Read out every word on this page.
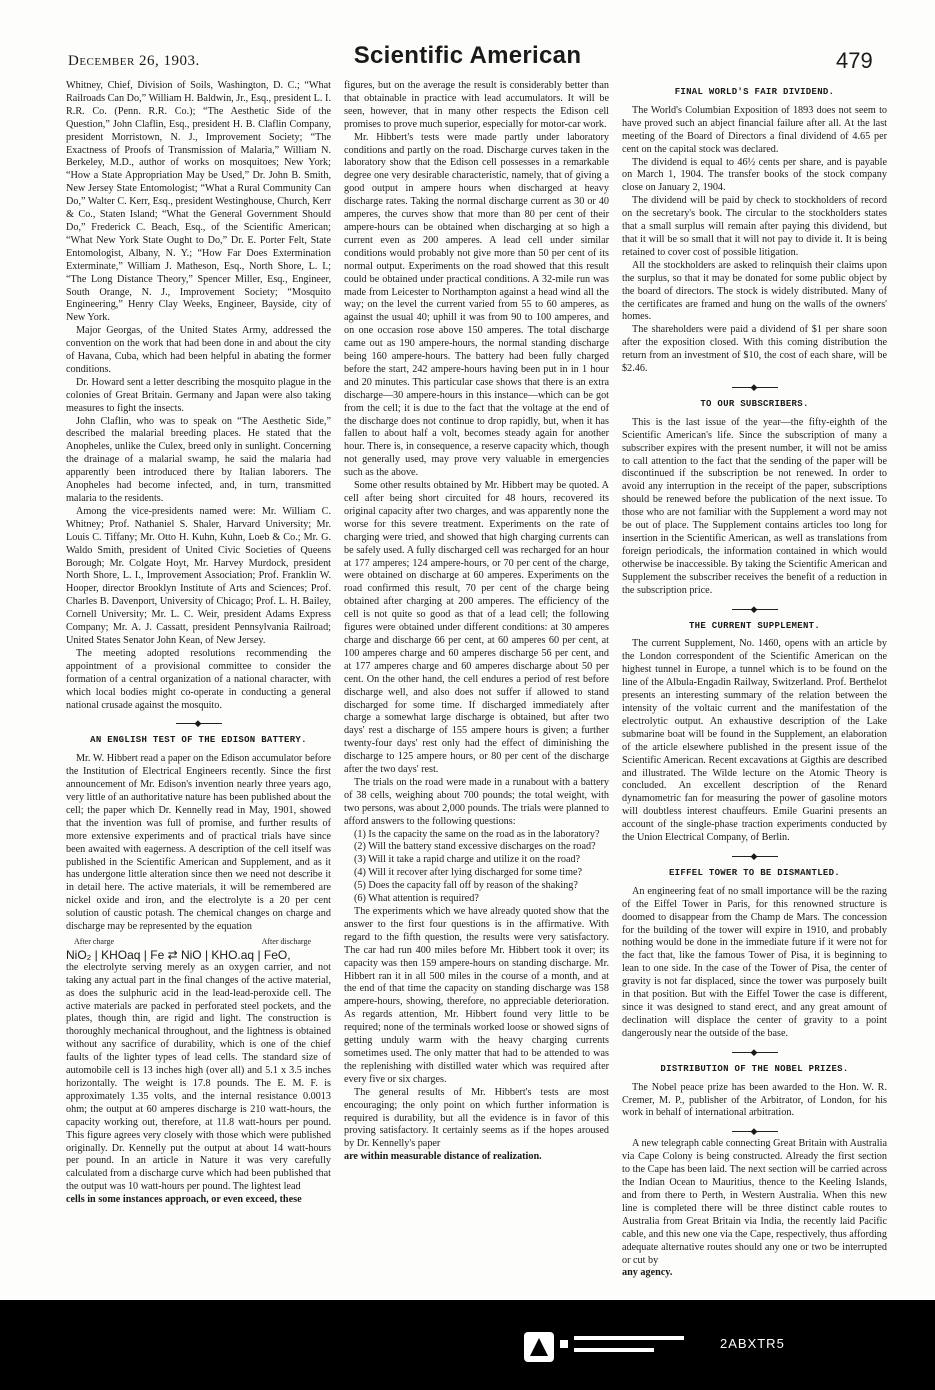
December 26, 1903.	Scientific American	479

Whitney, Chief, Division of Soils, Washington, D. C.; “What Railroads Can Do,” William H. Baldwin, Jr., Esq., president L. I. R.R. Co. (Penn. R.R. Co.); “The Aesthetic Side of the Question,” John Claflin, Esq., president H. B. Claflin Company, president Morristown, N. J., Improvement Society; “The Exactness of Proofs of Transmission of Malaria,” William N. Berkeley, M.D., author of works on mosquitoes; New York; “How a State Appropriation May be Used,” Dr. John B. Smith, New Jersey State Entomologist; “What a Rural Community Can Do,” Walter C. Kerr, Esq., president Westinghouse, Church, Kerr & Co., Staten Island; “What the General Government Should Do,” Frederick C. Beach, Esq., of the Scientific American; “What New York State Ought to Do,” Dr. E. Porter Felt, State Entomologist, Albany, N. Y.; “How Far Does Extermination Exterminate,” William J. Matheson, Esq., North Shore, L. I.; “The Long Distance Theory,” Spencer Miller, Esq., Engineer, South Orange, N. J., Improvement Society; “Mosquito Engineering,” Henry Clay Weeks, Engineer, Bayside, city of New York.

Major Georgas, of the United States Army, addressed the convention on the work that had been done in and about the city of Havana, Cuba, which had been helpful in abating the former conditions.

Dr. Howard sent a letter describing the mosquito plague in the colonies of Great Britain. Germany and Japan were also taking measures to fight the insects.

John Claflin, who was to speak on “The Aesthetic Side,” described the malarial breeding places. He stated that the Anopheles, unlike the Culex, breed only in sunlight. Concerning the drainage of a malarial swamp, he said the malaria had apparently been introduced there by Italian laborers. The Anopheles had become infected, and, in turn, transmitted malaria to the residents.

Among the vice-presidents named were: Mr. William C. Whitney; Prof. Nathaniel S. Shaler, Harvard University; Mr. Louis C. Tiffany; Mr. Otto H. Kuhn, Kuhn, Loeb & Co.; Mr. G. Waldo Smith, president of United Civic Societies of Queens Borough; Mr. Colgate Hoyt, Mr. Harvey Murdock, president North Shore, L. I., Improvement Association; Prof. Franklin W. Hooper, director Brooklyn Institute of Arts and Sciences; Prof. Charles B. Davenport, University of Chicago; Prof. L. H. Bailey, Cornell University; Mr. L. C. Weir, president Adams Express Company; Mr. A. J. Cassatt, president Pennsylvania Railroad; United States Senator John Kean, of New Jersey.

The meeting adopted resolutions recommending the appointment of a provisional committee to consider the formation of a central organization of a national character, with which local bodies might co-operate in conducting a general national crusade against the mosquito.

◆
AN ENGLISH TEST OF THE EDISON BATTERY.

Mr. W. Hibbert read a paper on the Edison accumulator before the Institution of Electrical Engineers recently. Since the first announcement of Mr. Edison's invention nearly three years ago, very little of an authoritative nature has been published about the cell; the paper which Dr. Kennelly read in May, 1901, showed that the invention was full of promise, and further results of more extensive experiments and of practical trials have since been awaited with eagerness. A description of the cell itself was published in the Scientific American and Supplement, and as it has undergone little alteration since then we need not describe it in detail here. The active materials, it will be remembered are nickel oxide and iron, and the electrolyte is a 20 per cent solution of caustic potash. The chemical changes on charge and discharge may be represented by the equation

After charge	After discharge

NiO₂ | KHOaq | Fe ⇄ NiO | KHO.aq | FeO,

the electrolyte serving merely as an oxygen carrier, and not taking any actual part in the final changes of the active material, as does the sulphuric acid in the lead-lead-peroxide cell. The active materials are packed in perforated steel pockets, and the plates, though thin, are rigid and light. The construction is thoroughly mechanical throughout, and the lightness is obtained without any sacrifice of durability, which is one of the chief faults of the lighter types of lead cells. The standard size of automobile cell is 13 inches high (over all) and 5.1 x 3.5 inches horizontally. The weight is 17.8 pounds. The E. M. F. is approximately 1.35 volts, and the internal resistance 0.0013 ohm; the output at 60 amperes discharge is 210 watt-hours, the capacity working out, therefore, at 11.8 watt-hours per pound. This figure agrees very closely with those which were published originally. Dr. Kennelly put the output at about 14 watt-hours per pound. In an article in Nature it was very carefully calculated from a discharge curve which had been published that the output was 10 watt-hours per pound. The lightest lead

cells in some instances approach, or even exceed, these

figures, but on the average the result is considerably better than that obtainable in practice with lead accumulators. It will be seen, however, that in many other respects the Edison cell promises to prove much superior, especially for motor-car work.

Mr. Hibbert's tests were made partly under laboratory conditions and partly on the road. Discharge curves taken in the laboratory show that the Edison cell possesses in a remarkable degree one very desirable characteristic, namely, that of giving a good output in ampere hours when discharged at heavy discharge rates. Taking the normal discharge current as 30 or 40 amperes, the curves show that more than 80 per cent of their ampere-hours can be obtained when discharging at so high a current even as 200 amperes. A lead cell under similar conditions would probably not give more than 50 per cent of its normal output. Experiments on the road showed that this result could be obtained under practical conditions. A 32-mile run was made from Leicester to Northampton against a head wind all the way; on the level the current varied from 55 to 60 amperes, as against the usual 40; uphill it was from 90 to 100 amperes, and on one occasion rose above 150 amperes. The total discharge came out as 190 ampere-hours, the normal standing discharge being 160 ampere-hours. The battery had been fully charged before the start, 242 ampere-hours having been put in in 1 hour and 20 minutes. This particular case shows that there is an extra discharge—30 ampere-hours in this instance—which can be got from the cell; it is due to the fact that the voltage at the end of the discharge does not continue to drop rapidly, but, when it has fallen to about half a volt, becomes steady again for another hour. There is, in consequence, a reserve capacity which, though not generally used, may prove very valuable in emergencies such as the above.

Some other results obtained by Mr. Hibbert may be quoted. A cell after being short circuited for 48 hours, recovered its original capacity after two charges, and was apparently none the worse for this severe treatment. Experiments on the rate of charging were tried, and showed that high charging currents can be safely used. A fully discharged cell was recharged for an hour at 177 amperes; 124 ampere-hours, or 70 per cent of the charge, were obtained on discharge at 60 amperes. Experiments on the road confirmed this result, 70 per cent of the charge being obtained after charging at 200 amperes. The efficiency of the cell is not quite so good as that of a lead cell; the following figures were obtained under different conditions: at 30 amperes charge and discharge 66 per cent, at 60 amperes 60 per cent, at 100 amperes charge and 60 amperes discharge 56 per cent, and at 177 amperes charge and 60 amperes discharge about 50 per cent. On the other hand, the cell endures a period of rest before discharge well, and also does not suffer if allowed to stand discharged for some time. If discharged immediately after charge a somewhat large discharge is obtained, but after two days' rest a discharge of 155 ampere hours is given; a further twenty-four days' rest only had the effect of diminishing the discharge to 125 ampere hours, or 80 per cent of the discharge after the two days' rest.

The trials on the road were made in a runabout with a battery of 38 cells, weighing about 700 pounds; the total weight, with two persons, was about 2,000 pounds. The trials were planned to afford answers to the following questions:

(1) Is the capacity the same on the road as in the laboratory?

(2) Will the battery stand excessive discharges on the road?

(3) Will it take a rapid charge and utilize it on the road?

(4) Will it recover after lying discharged for some time?

(5) Does the capacity fall off by reason of the shaking?

(6) What attention is required?

The experiments which we have already quoted show that the answer to the first four questions is in the affirmative. With regard to the fifth question, the results were very satisfactory. The car had run 400 miles before Mr. Hibbert took it over; its capacity was then 159 ampere-hours on standing discharge. Mr. Hibbert ran it in all 500 miles in the course of a month, and at the end of that time the capacity on standing discharge was 158 ampere-hours, showing, therefore, no appreciable deterioration. As regards attention, Mr. Hibbert found very little to be required; none of the terminals worked loose or showed signs of getting unduly warm with the heavy charging currents sometimes used. The only matter that had to be attended to was the replenishing with distilled water which was required after every five or six charges.

The general results of Mr. Hibbert's tests are most encouraging; the only point on which further information is required is durability, but all the evidence is in favor of this proving satisfactory. It certainly seems as if the hopes aroused by Dr. Kennelly's paper

are within measurable distance of realization.

FINAL WORLD'S FAIR DIVIDEND.

The World's Columbian Exposition of 1893 does not seem to have proved such an abject financial failure after all. At the last meeting of the Board of Directors a final dividend of 4.65 per cent on the capital stock was declared.

The dividend is equal to 46½ cents per share, and is payable on March 1, 1904. The transfer books of the stock company close on January 2, 1904.

The dividend will be paid by check to stockholders of record on the secretary's book. The circular to the stockholders states that a small surplus will remain after paying this dividend, but that it will be so small that it will not pay to divide it. It is being retained to cover cost of possible litigation.

All the stockholders are asked to relinquish their claims upon the surplus, so that it may be donated for some public object by the board of directors. The stock is widely distributed. Many of the certificates are framed and hung on the walls of the owners' homes.

The shareholders were paid a dividend of $1 per share soon after the exposition closed. With this coming distribution the return from an investment of $10, the cost of each share, will be $2.46.

◆
TO OUR SUBSCRIBERS.

This is the last issue of the year—the fifty-eighth of the Scientific American's life. Since the subscription of many a subscriber expires with the present number, it will not be amiss to call attention to the fact that the sending of the paper will be discontinued if the subscription be not renewed. In order to avoid any interruption in the receipt of the paper, subscriptions should be renewed before the publication of the next issue. To those who are not familiar with the Supplement a word may not be out of place. The Supplement contains articles too long for insertion in the Scientific American, as well as translations from foreign periodicals, the information contained in which would otherwise be inaccessible. By taking the Scientific American and Supplement the subscriber receives the benefit of a reduction in the subscription price.

◆
THE CURRENT SUPPLEMENT.

The current Supplement, No. 1460, opens with an article by the London correspondent of the Scientific American on the highest tunnel in Europe, a tunnel which is to be found on the line of the Albula-Engadin Railway, Switzerland. Prof. Berthelot presents an interesting summary of the relation between the intensity of the voltaic current and the manifestation of the electrolytic output. An exhaustive description of the Lake submarine boat will be found in the Supplement, an elaboration of the article elsewhere published in the present issue of the Scientific American. Recent excavations at Gigthis are described and illustrated. The Wilde lecture on the Atomic Theory is concluded. An excellent description of the Renard dynamometric fan for measuring the power of gasoline motors will doubtless interest chauffeurs. Emile Guarini presents an account of the single-phase traction experiments conducted by the Union Electrical Company, of Berlin.

◆
EIFFEL TOWER TO BE DISMANTLED.

An engineering feat of no small importance will be the razing of the Eiffel Tower in Paris, for this renowned structure is doomed to disappear from the Champ de Mars. The concession for the building of the tower will expire in 1910, and probably nothing would be done in the immediate future if it were not for the fact that, like the famous Tower of Pisa, it is beginning to lean to one side. In the case of the Tower of Pisa, the center of gravity is not far displaced, since the tower was purposely built in that position. But with the Eiffel Tower the case is different, since it was designed to stand erect, and any great amount of declination will displace the center of gravity to a point dangerously near the outside of the base.

◆
DISTRIBUTION OF THE NOBEL PRIZES.

The Nobel peace prize has been awarded to the Hon. W. R. Cremer, M. P., publisher of the Arbitrator, of London, for his work in behalf of international arbitration.

◆

A new telegraph cable connecting Great Britain with Australia via Cape Colony is being constructed. Already the first section to the Cape has been laid. The next section will be carried across the Indian Ocean to Mauritius, thence to the Keeling Islands, and from there to Perth, in Western Australia. When this new line is completed there will be three distinct cable routes to Australia from Great Britain via India, the recently laid Pacific cable, and this new one via the Cape, respectively, thus affording adequate alternative routes should any one or two be interrupted or cut by

any agency.

2ABXTR5
